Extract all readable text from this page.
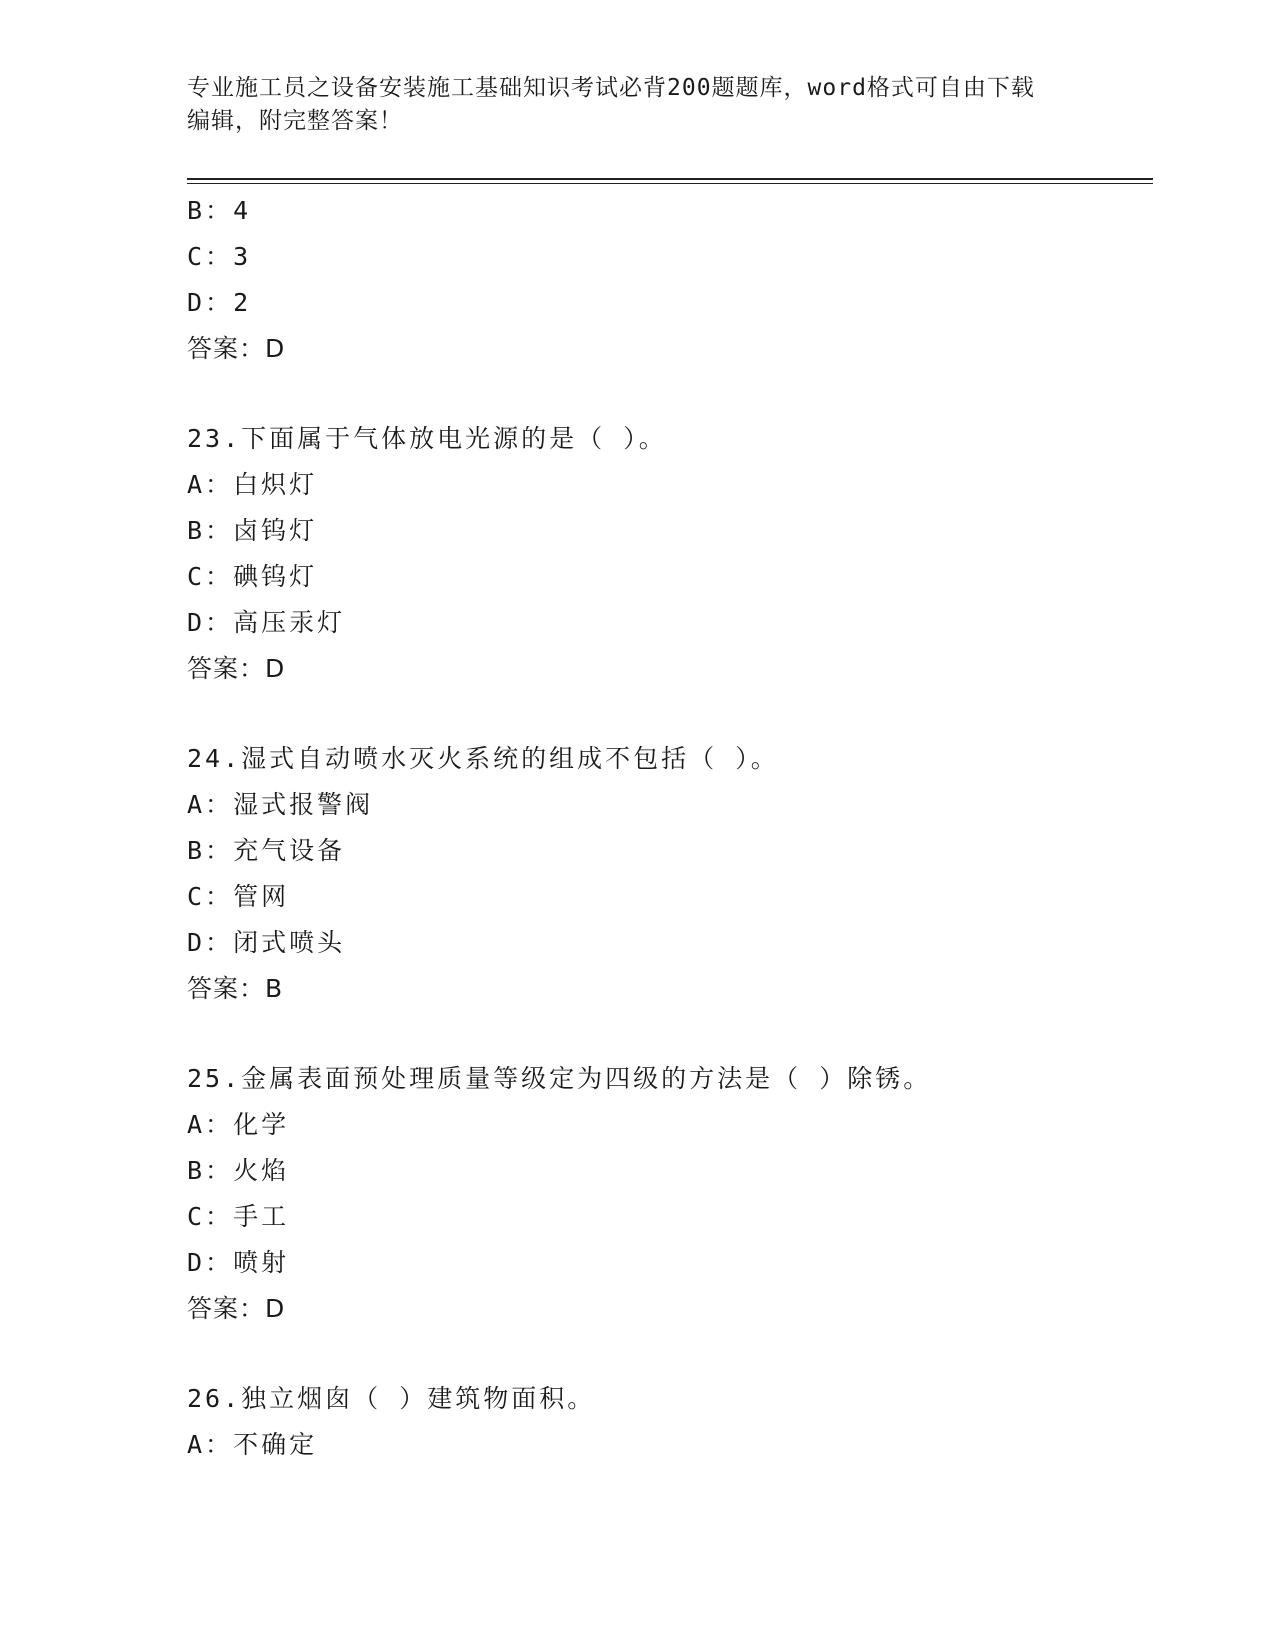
专业施工员之设备安装施工基础知识考试必背200题题库，word格式可自由下载
编辑，附完整答案！
B：4
C：3
D：2
答案：D
23.下面属于气体放电光源的是（ ）。
A：白炽灯
B：卤钨灯
C：碘钨灯
D：高压汞灯
答案：D
24.湿式自动喷水灭火系统的组成不包括（ ）。
A：湿式报警阀
B：充气设备
C：管网
D：闭式喷头
答案：B
25.金属表面预处理质量等级定为四级的方法是（ ）除锈。
A：化学
B：火焰
C：手工
D：喷射
答案：D
26.独立烟囱（ ）建筑物面积。
A：不确定
